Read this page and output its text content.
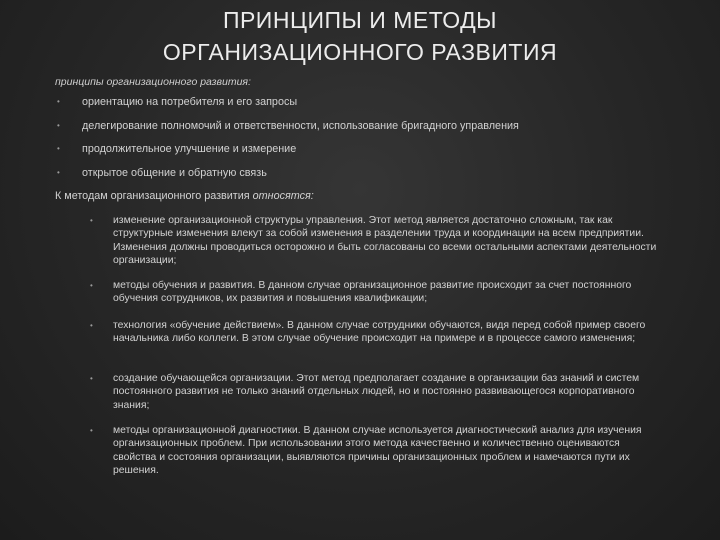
ПРИНЦИПЫ И МЕТОДЫ
ОРГАНИЗАЦИОННОГО РАЗВИТИЯ
принципы организационного развития:
• ориентацию на потребителя и его запросы
• делегирование полномочий и ответственности, использование бригадного управления
• продолжительное улучшение и измерение
• открытое общение и обратную связь
К методам организационного развития относятся:
• изменение организационной структуры управления. Этот метод является достаточно сложным, так как структурные изменения влекут за собой изменения в разделении труда и координации на всем предприятии. Изменения должны проводиться осторожно и быть согласованы со всеми остальными аспектами деятельности организации;
• методы обучения и развития. В данном случае организационное развитие происходит за счет постоянного обучения сотрудников, их развития и повышения квалификации;
• технология «обучение действием». В данном случае сотрудники обучаются, видя перед собой пример своего начальника либо коллеги. В этом случае обучение происходит на примере и в процессе самого изменения;
• создание обучающейся организации. Этот метод предполагает создание в организации баз знаний и систем постоянного развития не только знаний отдельных людей, но и постоянно развивающегося корпоративного знания;
• методы организационной диагностики. В данном случае используется диагностический анализ для изучения организационных проблем. При использовании этого метода качественно и количественно оцениваются свойства и состояния организации, выявляются причины организационных проблем и намечаются пути их решения.
